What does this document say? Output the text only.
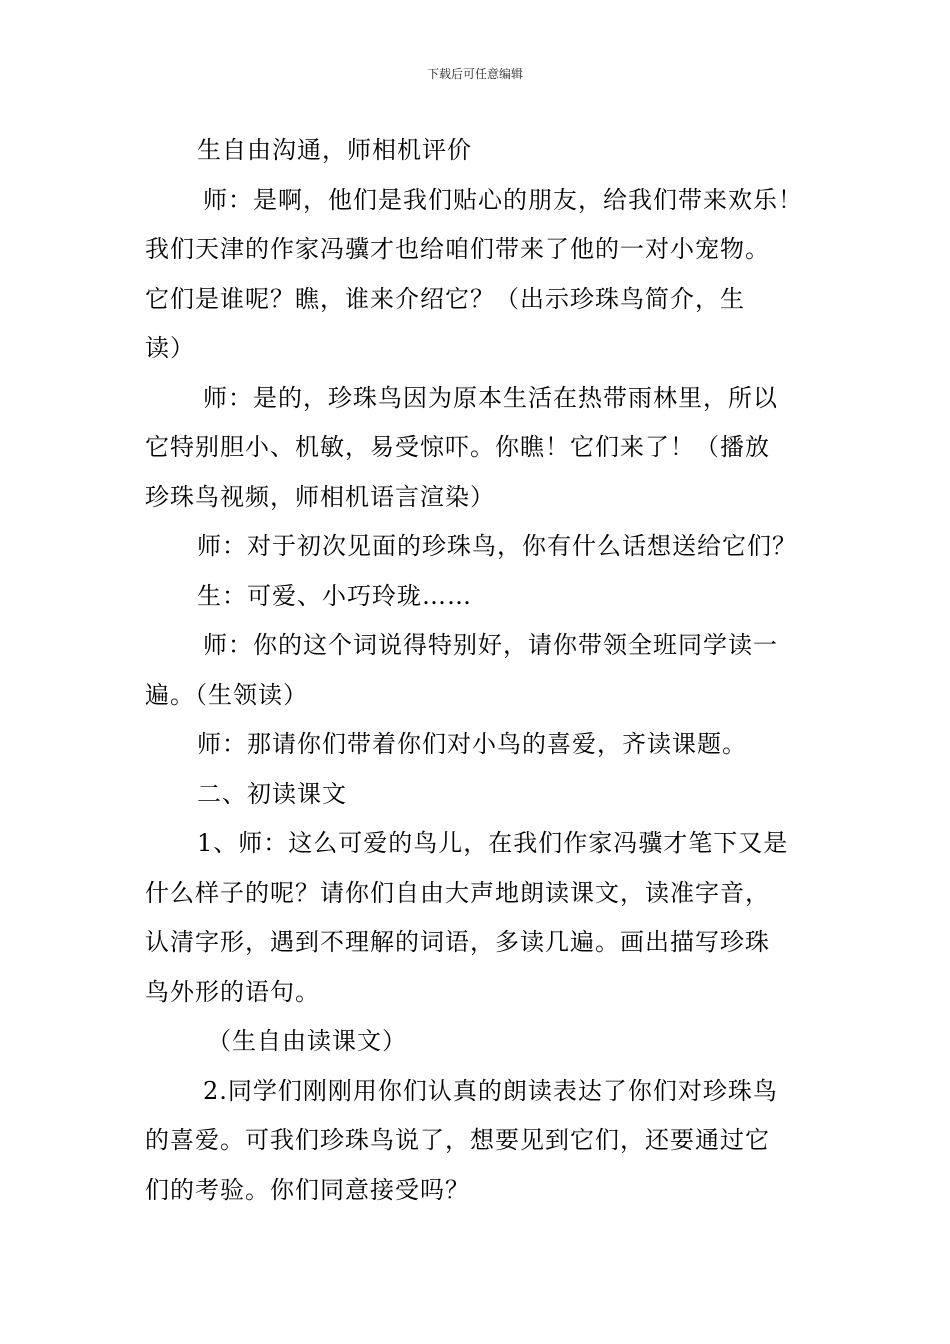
下载后可任意编辑

生自由沟通，师相机评价

师：是啊，他们是我们贴心的朋友，给我们带来欢乐！
我们天津的作家冯骥才也给咱们带来了他的一对小宠物。
它们是谁呢？瞧，谁来介绍它？（出示珍珠鸟简介，生
读）

师：是的，珍珠鸟因为原本生活在热带雨林里，所以
它特别胆小、机敏，易受惊吓。你瞧！它们来了！（播放
珍珠鸟视频，师相机语言渲染）

师：对于初次见面的珍珠鸟，你有什么话想送给它们？

生：可爱、小巧玲珑……

师：你的这个词说得特别好，请你带领全班同学读一
遍。（生领读）

师：那请你们带着你们对小鸟的喜爱，齐读课题。

二、初读课文

1、师：这么可爱的鸟儿，在我们作家冯骥才笔下又是
什么样子的呢？请你们自由大声地朗读课文，读准字音，
认清字形，遇到不理解的词语，多读几遍。画出描写珍珠
鸟外形的语句。

（生自由读课文）

2.同学们刚刚用你们认真的朗读表达了你们对珍珠鸟
的喜爱。可我们珍珠鸟说了，想要见到它们，还要通过它
们的考验。你们同意接受吗？
